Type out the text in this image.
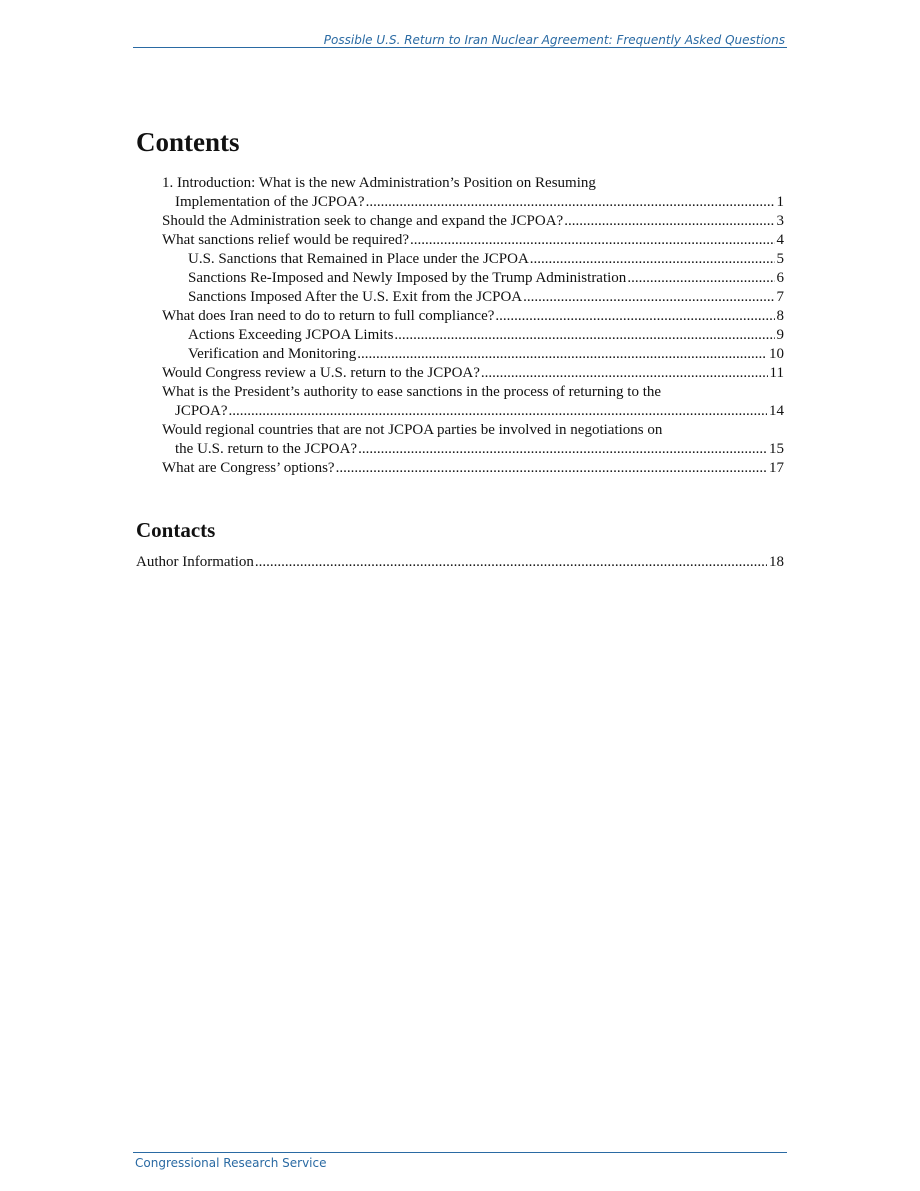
Possible U.S. Return to Iran Nuclear Agreement: Frequently Asked Questions
Contents
1. Introduction: What is the new Administration’s Position on Resuming
Implementation of the JCPOA? .....	1
Should the Administration seek to change and expand the JCPOA? .....	3
What sanctions relief would be required? .....	4
U.S. Sanctions that Remained in Place under the JCPOA .....	5
Sanctions Re-Imposed and Newly Imposed by the Trump Administration .....	6
Sanctions Imposed After the U.S. Exit from the JCPOA .....	7
What does Iran need to do to return to full compliance? .....	8
Actions Exceeding JCPOA Limits .....	9
Verification and Monitoring .....	10
Would Congress review a U.S. return to the JCPOA? .....	11
What is the President’s authority to ease sanctions in the process of returning to the
JCPOA? .....	14
Would regional countries that are not JCPOA parties be involved in negotiations on
the U.S. return to the JCPOA? .....	15
What are Congress’ options? .....	17
Contacts
Author Information .....	18
Congressional Research Service
